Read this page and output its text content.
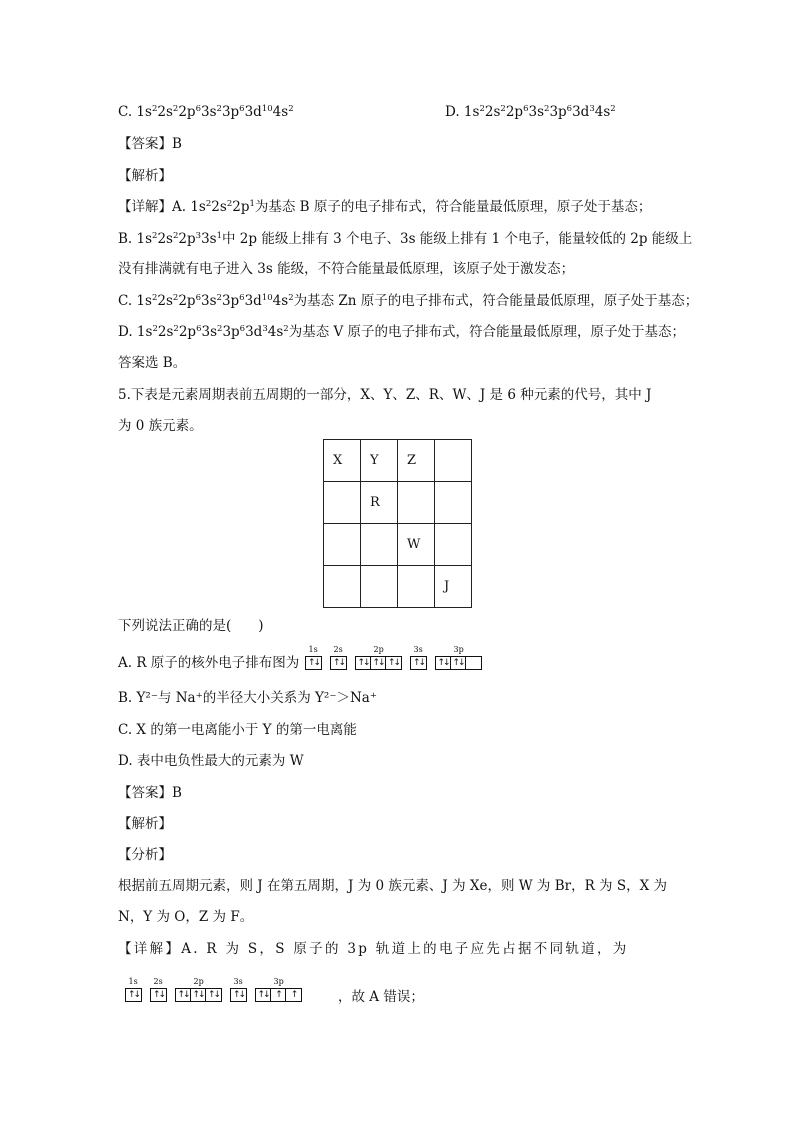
C. $1s^22s^22p^63s^23p^63d^{10}4s^2$	D. $1s^22s^22p^63s^23p^63d^34s^2$
【答案】B
【解析】
【详解】A. $1s^22s^22p^1$为基态 B 原子的电子排布式，符合能量最低原理，原子处于基态；
B. $1s^22s^22p^33s^1$中 2p 能级上排有 3 个电子、3s 能级上排有 1 个电子，能量较低的 2p 能级上
没有排满就有电子进入 3s 能级，不符合能量最低原理，该原子处于激发态；
C. $1s^22s^22p^63s^23p^63d^{10}4s^2$为基态 Zn 原子的电子排布式，符合能量最低原理，原子处于基态；
D. $1s^22s^22p^63s^23p^63d^34s^2$为基态 V 原子的电子排布式，符合能量最低原理，原子处于基态；
答案选 B。
5.下表是元素周期表前五周期的一部分，X、Y、Z、R、W、J 是 6 种元素的代号，其中 J
为 0 族元素。
X	Y	Z	

	R		

		W	

			J
下列说法正确的是(　　)
A. R 原子的核外电子排布图为
1s
↑↓
2s
↑↓
2p
↑↓ ↑↓ ↑↓
3s
↑↓
3p
↑↓ ↑↓
B. Y²⁻与 Na⁺的半径大小关系为 Y²⁻＞Na⁺
C. X 的第一电离能小于 Y 的第一电离能
D. 表中电负性最大的元素为 W
【答案】B
【解析】
【分析】
根据前五周期元素，则 J 在第五周期，J 为 0 族元素、J 为 Xe，则 W 为 Br，R 为 S，X 为
N，Y 为 O，Z 为 F。
【详解】A. R 为 S，S 原子的 3p 轨道上的电子应先占据不同轨道，为
1s
↑↓
2s
↑↓
2p
↑↓ ↑↓ ↑↓
3s
↑↓
3p
↑↓ ↑	↑	，故 A 错误；
